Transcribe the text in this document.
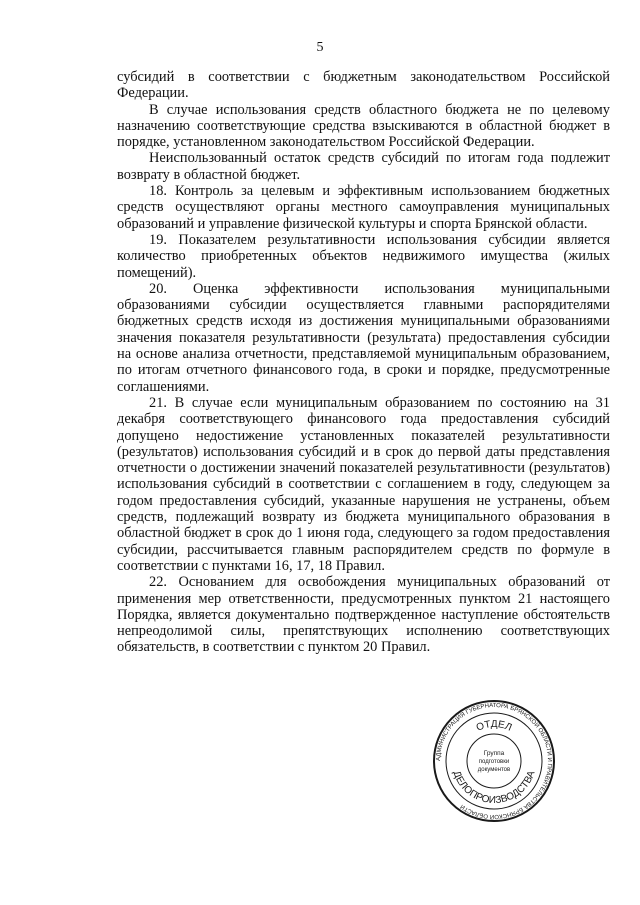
5

субсидий в соответствии с бюджетным законодательством Российской Федерации.

В случае использования средств областного бюджета не по целевому назначению соответствующие средства взыскиваются в областной бюджет в порядке, установленном законодательством Российской Федерации.

Неиспользованный остаток средств субсидий по итогам года подлежит возврату в областной бюджет.

18. Контроль за целевым и эффективным использованием бюджетных средств осуществляют органы местного самоуправления муниципальных образований и управление физической культуры и спорта Брянской области.

19. Показателем результативности использования субсидии является количество приобретенных объектов недвижимого имущества (жилых помещений).

20. Оценка эффективности использования муниципальными образованиями субсидии осуществляется главными распорядителями бюджетных средств исходя из достижения муниципальными образованиями значения показателя результативности (результата) предоставления субсидии на основе анализа отчетности, представляемой муниципальным образованием, по итогам отчетного финансового года, в сроки и порядке, предусмотренные соглашениями.

21. В случае если муниципальным образованием по состоянию на 31 декабря соответствующего финансового года предоставления субсидий допущено недостижение установленных показателей результативности (результатов) использования субсидий и в срок до первой даты представления отчетности о достижении значений показателей результативности (результатов) использования субсидий в соответствии с соглашением в году, следующем за годом предоставления субсидий, указанные нарушения не устранены, объем средств, подлежащий возврату из бюджета муниципального образования в областной бюджет в срок до 1 июня года, следующего за годом предоставления субсидии, рассчитывается главным распорядителем средств по формуле в соответствии с пунктами 16, 17, 18 Правил.

22. Основанием для освобождения муниципальных образований от применения мер ответственности, предусмотренных пунктом 21 настоящего Порядка, является документально подтвержденное наступление обстоятельств непреодолимой силы, препятствующих исполнению соответствующих обязательств, в соответствии с пунктом 20 Правил.

АДМИНИСТРАЦИЯ ГУБЕРНАТОРА БРЯНСКОЙ ОБЛАСТИ И ПРАВИТЕЛЬСТВА БРЯНСКОЙ ОБЛАСТИ
ОТДЕЛ
ДЕЛОПРОИЗВОДСТВА
Группа
подготовки
документов
